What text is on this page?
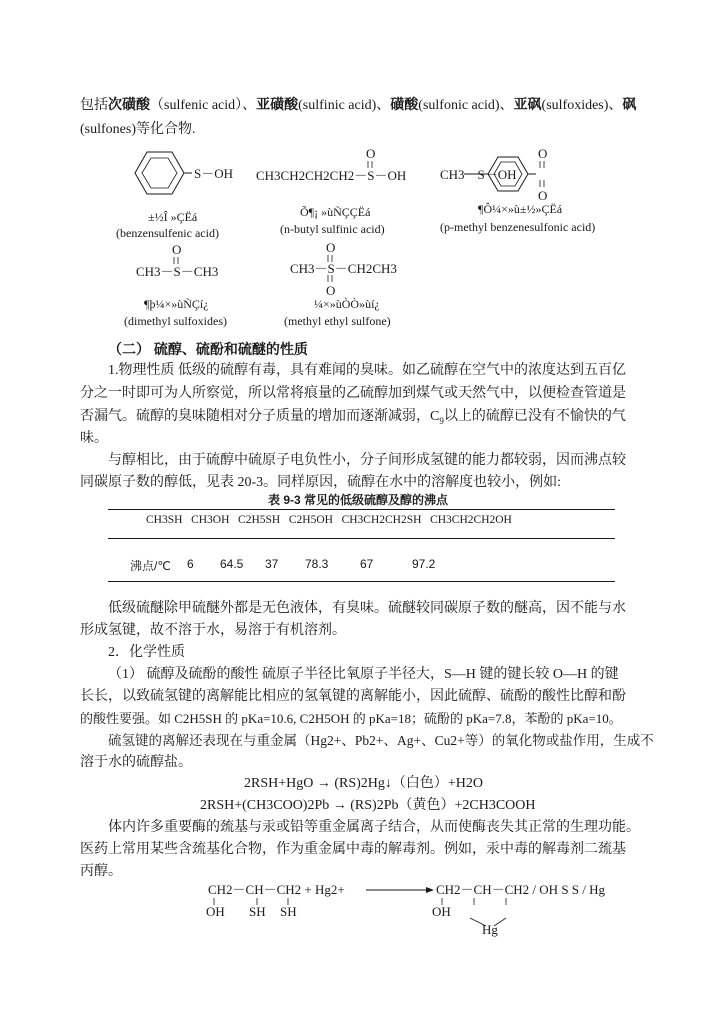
包括次磺酸（sulfenic acid）、亚磺酸(sulfinic acid)、磺酸(sulfonic acid)、亚砜(sulfoxides)、砜
(sulfones)等化合物.
S－OH
±½Î »ÇËá
(benzensulfenic acid)
O
CH3CH2CH2CH2－S－OH
Õ¶¡ »ùÑÇÇËá
(n-butyl sulfinic acid)
O
O
CH3－S－OH
¶Ô¼×»ù±½»ÇËá
(p-methyl benzenesulfonic acid)
O
CH3－S－CH3
¶þ¼×»ùÑÇí¿
(dimethyl sulfoxides)
O
O
CH3－S－CH2CH3
¼×»ùÒÒ»ùí¿
(methyl ethyl sulfone)
（二） 硫醇、硫酚和硫醚的性质
1.物理性质 低级的硫醇有毒，具有难闻的臭味。如乙硫醇在空气中的浓度达到五百亿
分之一时即可为人所察觉，所以常将痕量的乙硫醇加到煤气或天然气中，以便检查管道是
否漏气。硫醇的臭味随相对分子质量的增加而逐渐减弱，$C_9$以上的硫醇已没有不愉快的气
味。
与醇相比，由于硫醇中硫原子电负性小，分子间形成氢键的能力都较弱，因而沸点较
同碳原子数的醇低，见表 20-3。同样原因，硫醇在水中的溶解度也较小，例如:
表 9-3 常见的低级硫醇及醇的沸点
CH3SH CH3OH C2H5SH C2H5OH CH3CH2CH2SH CH3CH2CH2OH
沸点/℃ 6 64.5 37 78.3	67	97.2
低级硫醚除甲硫醚外都是无色液体，有臭味。硫醚较同碳原子数的醚高，因不能与水
形成氢键，故不溶于水，易溶于有机溶剂。
2．化学性质
（1） 硫醇及硫酚的酸性 硫原子半径比氧原子半径大，S—H 键的键长较 O—H 的键
长长，以致硫氢键的离解能比相应的氢氧键的离解能小，因此硫醇、硫酚的酸性比醇和酚
的酸性要强。如 C2H5SH 的 pKa=10.6, C2H5OH 的 pKa=18；硫酚的 pKa=7.8，苯酚的 pKa=10。
硫氢键的离解还表现在与重金属（Hg2+、Pb2+、Ag+、Cu2+等）的氧化物或盐作用，生成不
溶于水的硫醇盐。
2RSH+HgO → (RS)2Hg↓（白色）+H2O
2RSH+(CH3COO)2Pb → (RS)2Pb（黄色）+2CH3COOH
体内许多重要酶的巯基与汞或铅等重金属离子结合，从而使酶丧失其正常的生理功能。
医药上常用某些含巯基化合物，作为重金属中毒的解毒剂。例如，汞中毒的解毒剂二巯基
丙醇。
CH2－CH－CH2 + Hg2+
OH SH SH
CH2－CH－CH2 / OH S S / Hg
OH
Hg
